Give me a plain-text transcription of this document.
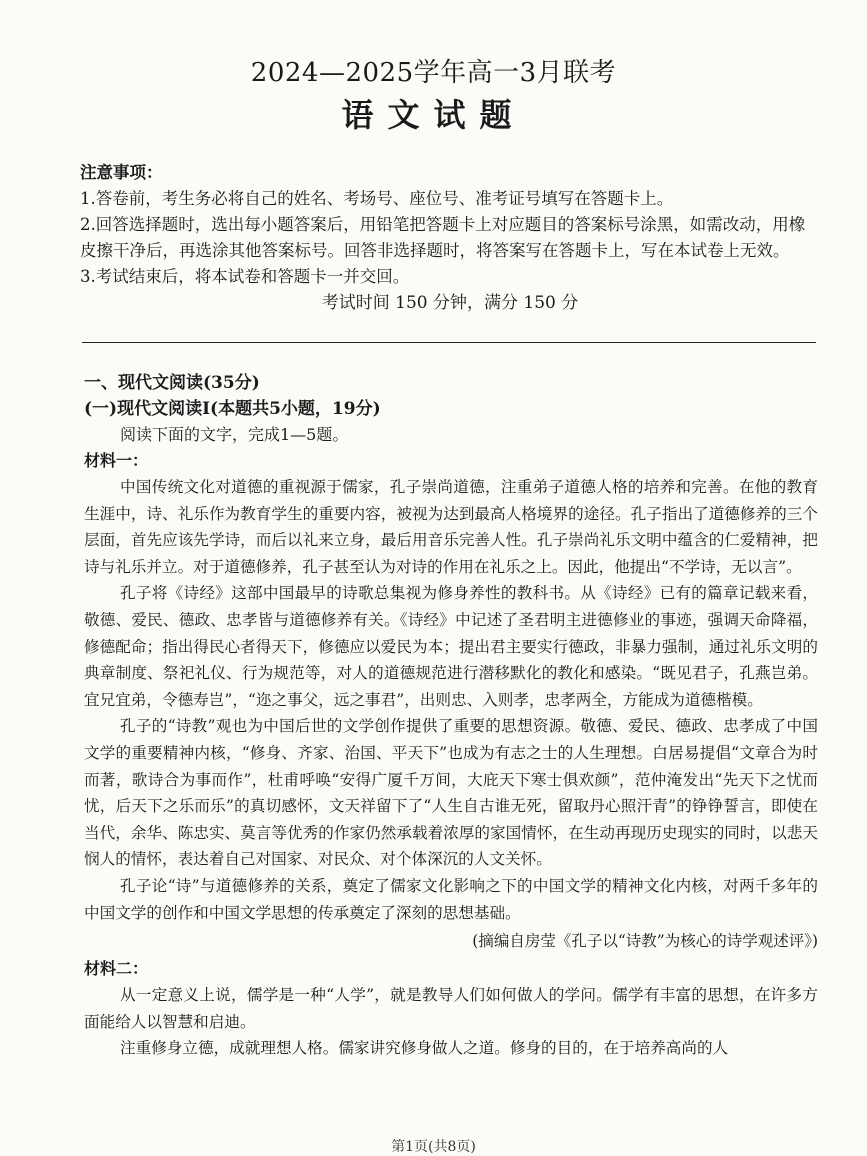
2024—2025学年高一3月联考
语文试题

注意事项：

1.答卷前，考生务必将自己的姓名、考场号、座位号、准考证号填写在答题卡上。

2.回答选择题时，选出每小题答案后，用铅笔把答题卡上对应题目的答案标号涂黑，如需改动，用橡皮擦干净后，再选涂其他答案标号。回答非选择题时，将答案写在答题卡上，写在本试卷上无效。

3.考试结束后，将本试卷和答题卡一并交回。

考试时间 150 分钟，满分 150 分

一、现代文阅读(35分)

(一)现代文阅读Ⅰ(本题共5小题，19分)

阅读下面的文字，完成1—5题。

材料一：

中国传统文化对道德的重视源于儒家，孔子崇尚道德，注重弟子道德人格的培养和完善。在他的教育生涯中，诗、礼乐作为教育学生的重要内容，被视为达到最高人格境界的途径。孔子指出了道德修养的三个层面，首先应该先学诗，而后以礼来立身，最后用音乐完善人性。孔子崇尚礼乐文明中蕴含的仁爱精神，把诗与礼乐并立。对于道德修养，孔子甚至认为对诗的作用在礼乐之上。因此，他提出“不学诗，无以言”。

孔子将《诗经》这部中国最早的诗歌总集视为修身养性的教科书。从《诗经》已有的篇章记载来看，敬德、爱民、德政、忠孝皆与道德修养有关。《诗经》中记述了圣君明主进德修业的事迹，强调天命降福，修德配命；指出得民心者得天下，修德应以爱民为本；提出君主要实行德政，非暴力强制，通过礼乐文明的典章制度、祭祀礼仪、行为规范等，对人的道德规范进行潜移默化的教化和感染。“既见君子，孔燕岂弟。宜兄宜弟，令德寿岂”，“迩之事父，远之事君”，出则忠、入则孝，忠孝两全，方能成为道德楷模。

孔子的“诗教”观也为中国后世的文学创作提供了重要的思想资源。敬德、爱民、德政、忠孝成了中国文学的重要精神内核，“修身、齐家、治国、平天下”也成为有志之士的人生理想。白居易提倡“文章合为时而著，歌诗合为事而作”，杜甫呼唤“安得广厦千万间，大庇天下寒士俱欢颜”，范仲淹发出“先天下之忧而忧，后天下之乐而乐”的真切感怀，文天祥留下了“人生自古谁无死，留取丹心照汗青”的铮铮誓言，即使在当代，余华、陈忠实、莫言等优秀的作家仍然承载着浓厚的家国情怀，在生动再现历史现实的同时，以悲天悯人的情怀，表达着自己对国家、对民众、对个体深沉的人文关怀。

孔子论“诗”与道德修养的关系，奠定了儒家文化影响之下的中国文学的精神文化内核，对两千多年的中国文学的创作和中国文学思想的传承奠定了深刻的思想基础。

(摘编自房莹《孔子以“诗教”为核心的诗学观述评》)

材料二：

从一定意义上说，儒学是一种“人学”，就是教导人们如何做人的学问。儒学有丰富的思想，在许多方面能给人以智慧和启迪。

注重修身立德，成就理想人格。儒家讲究修身做人之道。修身的目的，在于培养高尚的人

第1页(共8页)
